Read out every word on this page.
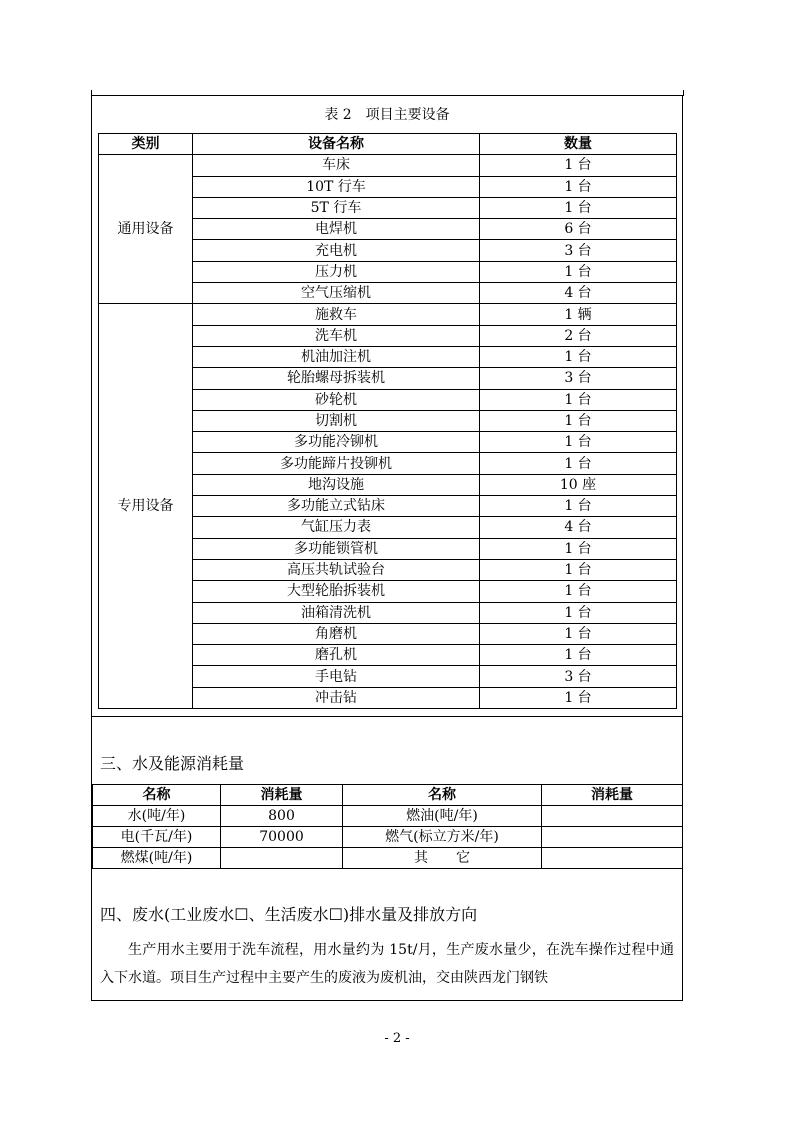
表 2　项目主要设备
类别	设备名称	数量
通用设备	车床	1 台
	10T 行车	1 台
	5T 行车	1 台
	电焊机	6 台
	充电机	3 台
	压力机	1 台
	空气压缩机	4 台
专用设备	施救车	1 辆
	洗车机	2 台
	机油加注机	1 台
	轮胎螺母拆装机	3 台
	砂轮机	1 台
	切割机	1 台
	多功能冷铆机	1 台
	多功能蹄片投铆机	1 台
	地沟设施	10 座
	多功能立式钻床	1 台
	气缸压力表	4 台
	多功能锁管机	1 台
	高压共轨试验台	1 台
	大型轮胎拆装机	1 台
	油箱清洗机	1 台
	角磨机	1 台
	磨孔机	1 台
	手电钻	3 台
	冲击钻	1 台
三、水及能源消耗量
名称	消耗量	名称	消耗量
水(吨/年)	800	燃油(吨/年)	
电(千瓦/年)	70000	燃气(标立方米/年)	
燃煤(吨/年)		其　　它	
四、废水(工业废水☐、生活废水☐)排水量及排放方向
生产用水主要用于洗车流程，用水量约为 15t/月，生产废水量少，在洗车操作过程中通入下水道。项目生产过程中主要产生的废液为废机油，交由陕西龙门钢铁
- 2 -
